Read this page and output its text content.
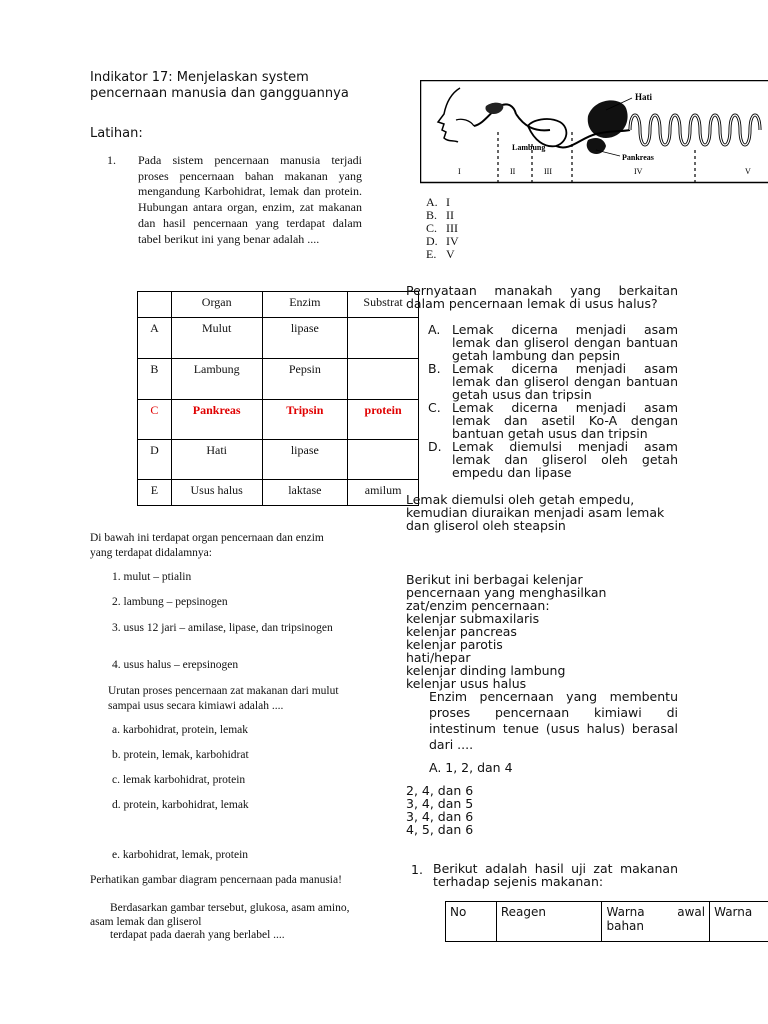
Indikator 17: Menjelaskan system pencernaan manusia dan gangguannya
Latihan:
1. Pada sistem pencernaan manusia terjadi proses pencernaan bahan makanan yang mengandung Karbohidrat, lemak dan protein. Hubungan antara organ, enzim, zat makanan dan hasil pencernaan yang terdapat dalam tabel berikut ini yang benar adalah ....
	Organ	Enzim	Substrat
A	Mulut	lipase	
B	Lambung	Pepsin	
C	Pankreas	Tripsin	protein
D	Hati	lipase	
E	Usus halus	laktase	amilum
Di bawah ini terdapat organ pencernaan dan enzim yang terdapat didalamnya:
1. mulut – ptialin
2. lambung – pepsinogen
3. usus 12 jari – amilase, lipase, dan tripsinogen
4. usus halus – erepsinogen
Urutan proses pencernaan zat makanan dari mulut sampai usus secara kimiawi adalah ....
a. karbohidrat, protein, lemak
b. protein, lemak, karbohidrat
c. lemak karbohidrat, protein
d. protein, karbohidrat, lemak
e. karbohidrat, lemak, protein
Perhatikan gambar diagram pencernaan pada manusia!
Berdasarkan gambar tersebut, glukosa, asam amino, asam lemak dan gliserol
terdapat pada daerah yang berlabel ....
Hati
Lambung
Pankreas
I	II	III	IV	V
A. I
B. II
C. III
D. IV
E. V
Pernyataan manakah yang berkaitan dalam pencernaan lemak di usus halus?
A. Lemak dicerna menjadi asam lemak dan gliserol dengan bantuan getah lambung dan pepsin
B. Lemak dicerna menjadi asam lemak dan gliserol dengan bantuan getah usus dan tripsin
C. Lemak dicerna menjadi asam lemak dan asetil Ko-A dengan bantuan getah usus dan tripsin
D. Lemak diemulsi menjadi asam lemak dan gliserol oleh getah empedu dan lipase
Lemak diemulsi oleh getah empedu, kemudian diuraikan menjadi asam lemak dan gliserol oleh steapsin
Berikut ini berbagai kelenjar pencernaan yang menghasilkan zat/enzim pencernaan:
kelenjar submaxilaris
kelenjar pancreas
kelenjar parotis
hati/hepar
kelenjar dinding lambung
kelenjar usus halus
Enzim pencernaan yang membentu proses pencernaan kimiawi di intestinum tenue (usus halus) berasal dari ....
A. 1, 2, dan 4
2, 4, dan 6
3, 4, dan 5
3, 4, dan 6
4, 5, dan 6
1. Berikut adalah hasil uji zat makanan terhadap sejenis makanan:
No	Reagen	Warna awal bahan	Warna
